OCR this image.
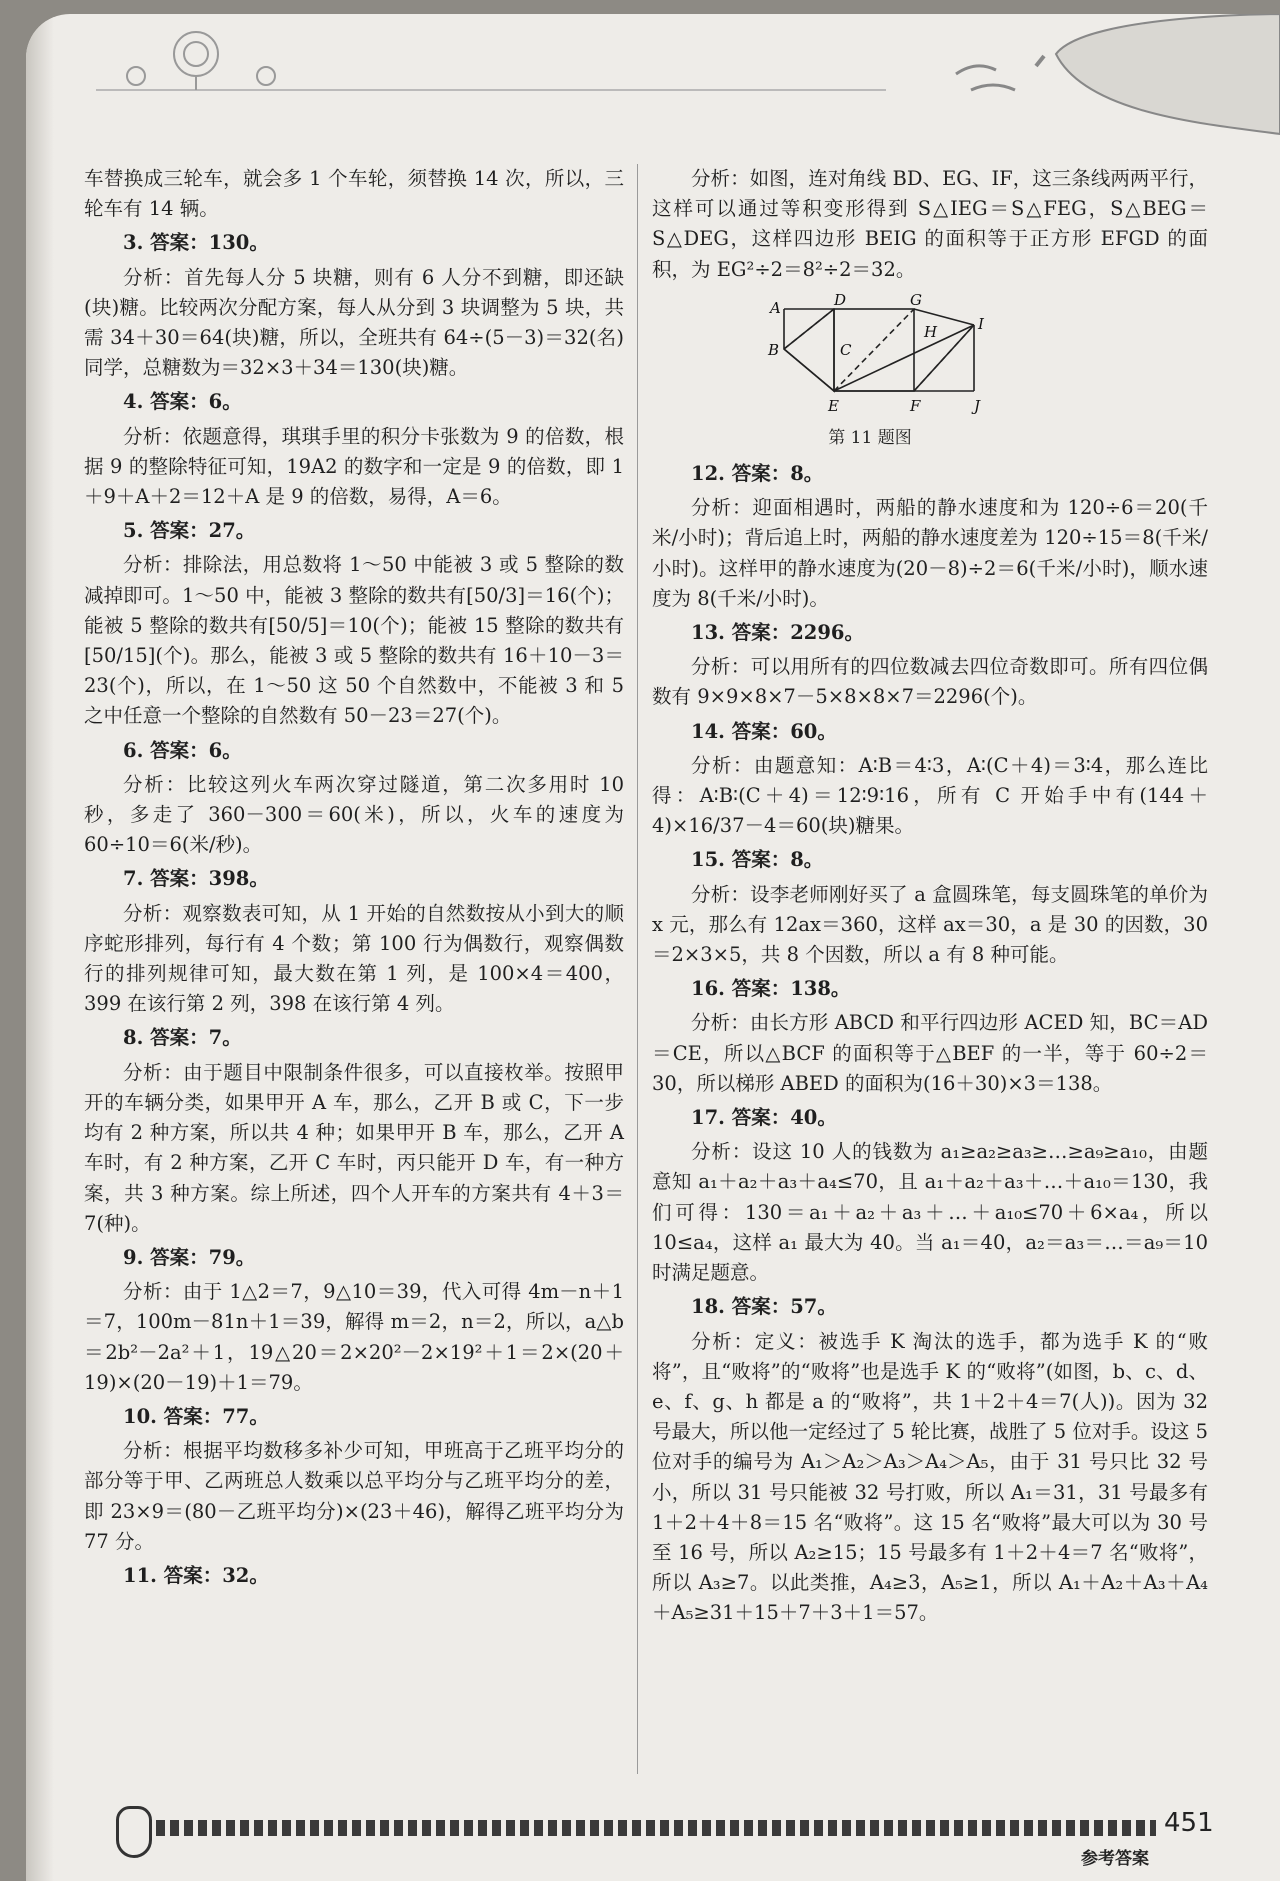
车替换成三轮车，就会多 1 个车轮，须替换 14 次，所以，三轮车有 14 辆。

3. 答案：130。

分析：首先每人分 5 块糖，则有 6 人分不到糖，即还缺(块)糖。比较两次分配方案，每人从分到 3 块调整为 5 块，共需 34＋30＝64(块)糖，所以，全班共有 64÷(5－3)＝32(名)同学，总糖数为＝32×3＋34＝130(块)糖。

4. 答案：6。

分析：依题意得，琪琪手里的积分卡张数为 9 的倍数，根据 9 的整除特征可知，19A2 的数字和一定是 9 的倍数，即 1＋9＋A＋2＝12＋A 是 9 的倍数，易得，A＝6。

5. 答案：27。

分析：排除法，用总数将 1～50 中能被 3 或 5 整除的数减掉即可。1～50 中，能被 3 整除的数共有[50/3]＝16(个)；能被 5 整除的数共有[50/5]＝10(个)；能被 15 整除的数共有[50/15](个)。那么，能被 3 或 5 整除的数共有 16＋10－3＝23(个)，所以，在 1～50 这 50 个自然数中，不能被 3 和 5 之中任意一个整除的自然数有 50－23＝27(个)。

6. 答案：6。

分析：比较这列火车两次穿过隧道，第二次多用时 10 秒，多走了 360－300＝60(米)，所以，火车的速度为 60÷10＝6(米/秒)。

7. 答案：398。

分析：观察数表可知，从 1 开始的自然数按从小到大的顺序蛇形排列，每行有 4 个数；第 100 行为偶数行，观察偶数行的排列规律可知，最大数在第 1 列，是 100×4＝400，399 在该行第 2 列，398 在该行第 4 列。

8. 答案：7。

分析：由于题目中限制条件很多，可以直接枚举。按照甲开的车辆分类，如果甲开 A 车，那么，乙开 B 或 C，下一步均有 2 种方案，所以共 4 种；如果甲开 B 车，那么，乙开 A 车时，有 2 种方案，乙开 C 车时，丙只能开 D 车，有一种方案，共 3 种方案。综上所述，四个人开车的方案共有 4＋3＝7(种)。

9. 答案：79。

分析：由于 1△2＝7，9△10＝39，代入可得 4m－n＋1＝7，100m－81n＋1＝39，解得 m＝2，n＝2，所以，a△b＝2b²－2a²＋1，19△20＝2×20²－2×19²＋1＝2×(20＋19)×(20－19)＋1＝79。

10. 答案：77。

分析：根据平均数移多补少可知，甲班高于乙班平均分的部分等于甲、乙两班总人数乘以总平均分与乙班平均分的差，即 23×9＝(80－乙班平均分)×(23＋46)，解得乙班平均分为 77 分。

11. 答案：32。

分析：如图，连对角线 BD、EG、IF，这三条线两两平行，这样可以通过等积变形得到 S△IEG＝S△FEG，S△BEG＝S△DEG，这样四边形 BEIG 的面积等于正方形 EFGD 的面积，为 EG²÷2＝8²÷2＝32。

A	D	G
B	C
H	I
E	F	J
第 11 题图

12. 答案：8。

分析：迎面相遇时，两船的静水速度和为 120÷6＝20(千米/小时)；背后追上时，两船的静水速度差为 120÷15＝8(千米/小时)。这样甲的静水速度为(20－8)÷2＝6(千米/小时)，顺水速度为 8(千米/小时)。

13. 答案：2296。

分析：可以用所有的四位数减去四位奇数即可。所有四位偶数有 9×9×8×7－5×8×8×7＝2296(个)。

14. 答案：60。

分析：由题意知：A∶B＝4∶3，A∶(C＋4)＝3∶4，那么连比得：A∶B∶(C＋4)＝12∶9∶16，所有 C 开始手中有(144＋4)×16/37－4＝60(块)糖果。

15. 答案：8。

分析：设李老师刚好买了 a 盒圆珠笔，每支圆珠笔的单价为 x 元，那么有 12ax＝360，这样 ax＝30，a 是 30 的因数，30＝2×3×5，共 8 个因数，所以 a 有 8 种可能。

16. 答案：138。

分析：由长方形 ABCD 和平行四边形 ACED 知，BC＝AD＝CE，所以△BCF 的面积等于△BEF 的一半，等于 60÷2＝30，所以梯形 ABED 的面积为(16＋30)×3＝138。

17. 答案：40。

分析：设这 10 人的钱数为 a₁≥a₂≥a₃≥…≥a₉≥a₁₀，由题意知 a₁＋a₂＋a₃＋a₄≤70，且 a₁＋a₂＋a₃＋…＋a₁₀＝130，我们可得：130＝a₁＋a₂＋a₃＋…＋a₁₀≤70＋6×a₄，所以 10≤a₄，这样 a₁ 最大为 40。当 a₁＝40，a₂＝a₃＝…＝a₉＝10 时满足题意。

18. 答案：57。

分析：定义：被选手 K 淘汰的选手，都为选手 K 的“败将”，且“败将”的“败将”也是选手 K 的“败将”(如图，b、c、d、e、f、g、h 都是 a 的“败将”，共 1＋2＋4＝7(人))。因为 32 号最大，所以他一定经过了 5 轮比赛，战胜了 5 位对手。设这 5 位对手的编号为 A₁＞A₂＞A₃＞A₄＞A₅，由于 31 号只比 32 号小，所以 31 号只能被 32 号打败，所以 A₁＝31，31 号最多有 1＋2＋4＋8＝15 名“败将”。这 15 名“败将”最大可以为 30 号至 16 号，所以 A₂≥15；15 号最多有 1＋2＋4＝7 名“败将”，所以 A₃≥7。以此类推，A₄≥3，A₅≥1，所以 A₁＋A₂＋A₃＋A₄＋A₅≥31＋15＋7＋3＋1＝57。

451
参考答案
